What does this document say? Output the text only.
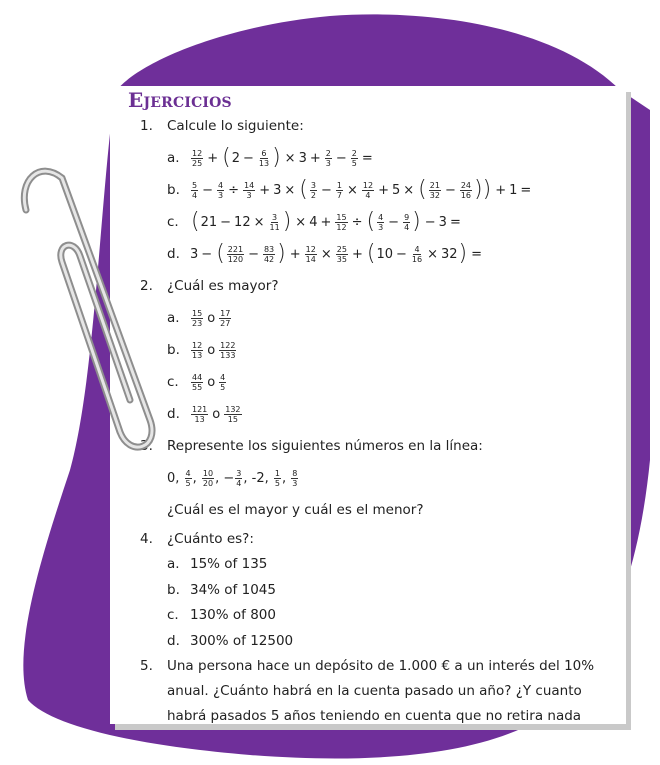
Ejercicios
1. Calcule lo siguiente:
a. $\frac{12}{25}$ + ( $2 - \frac{6}{13}$ ) × $3 + \frac{2}{3} - \frac{2}{5}$ =
b. $\frac{5}{4} - \frac{4}{3} \div \frac{14}{3} + 3$ × ( $\frac{3}{2} - \frac{1}{7} \times \frac{12}{4} + 5$ × ( $\frac{21}{32} - \frac{24}{16}$ )) + 1 =
c. ( $21 - 12 \times \frac{3}{11}$ ) × $4 + \frac{15}{12}$ ÷ ( $\frac{4}{3} - \frac{9}{4}$ ) − 3 =
d. 3 − ( $\frac{221}{120} - \frac{83}{42}$ ) + $\frac{12}{14} \times \frac{25}{35}$ + ( $10 - \frac{4}{16} \times 32$ ) =
2. ¿Cuál es mayor?
a. $\frac{15}{23}$ o $\frac{17}{27}$
b. $\frac{12}{13}$ o $\frac{122}{133}$
c. $\frac{44}{55}$ o $\frac{4}{5}$
d. $\frac{121}{13}$ o $\frac{132}{15}$
3. Represente los siguientes números en la línea:
0,
$\frac{4}{5}$ , $\frac{10}{20}$ , − $\frac{3}{4}$ , -2, $\frac{1}{5}$ , $\frac{8}{3}$
¿Cuál es el mayor y cuál es el menor?
4. ¿Cuánto es?:
a. 15% of 135
b. 34% of 1045
c. 130% of 800
d. 300% of 12500
5. Una persona hace un depósito de 1.000 € a un interés del 10%
anual. ¿Cuánto habrá en la cuenta pasado un año? ¿Y cuanto
habrá pasados 5 años teniendo en cuenta que no retira nada
